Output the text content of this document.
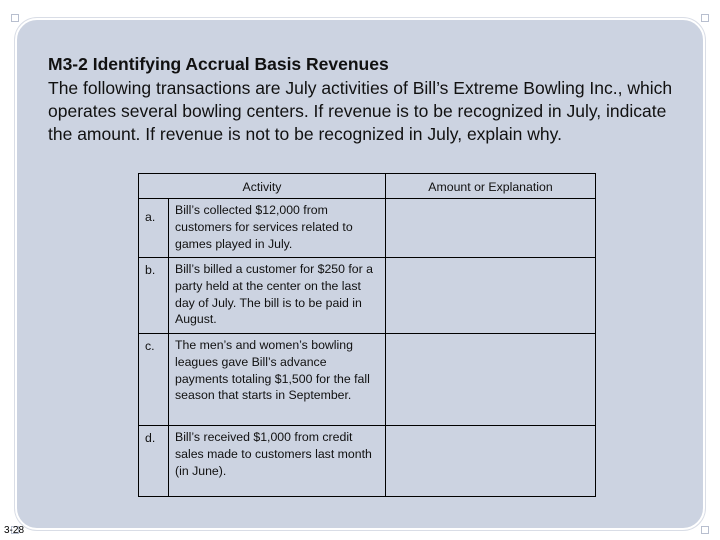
M3-2 Identifying Accrual Basis Revenues
The following transactions are July activities of Bill’s Extreme Bowling Inc., which operates several bowling centers. If revenue is to be recognized in July, indicate the amount. If revenue is not to be recognized in July, explain why.
Activity	Amount or Explanation
a.	Bill’s collected $12,000 from customers for services related to games played in July.
b.	Bill’s billed a customer for $250 for a party held at the center on the last day of July. The bill is to be paid in August.
c.	The men’s and women’s bowling leagues gave Bill’s advance payments totaling $1,500 for the fall season that starts in September.
d.	Bill’s received $1,000 from credit sales made to customers last month (in June).
3-28
